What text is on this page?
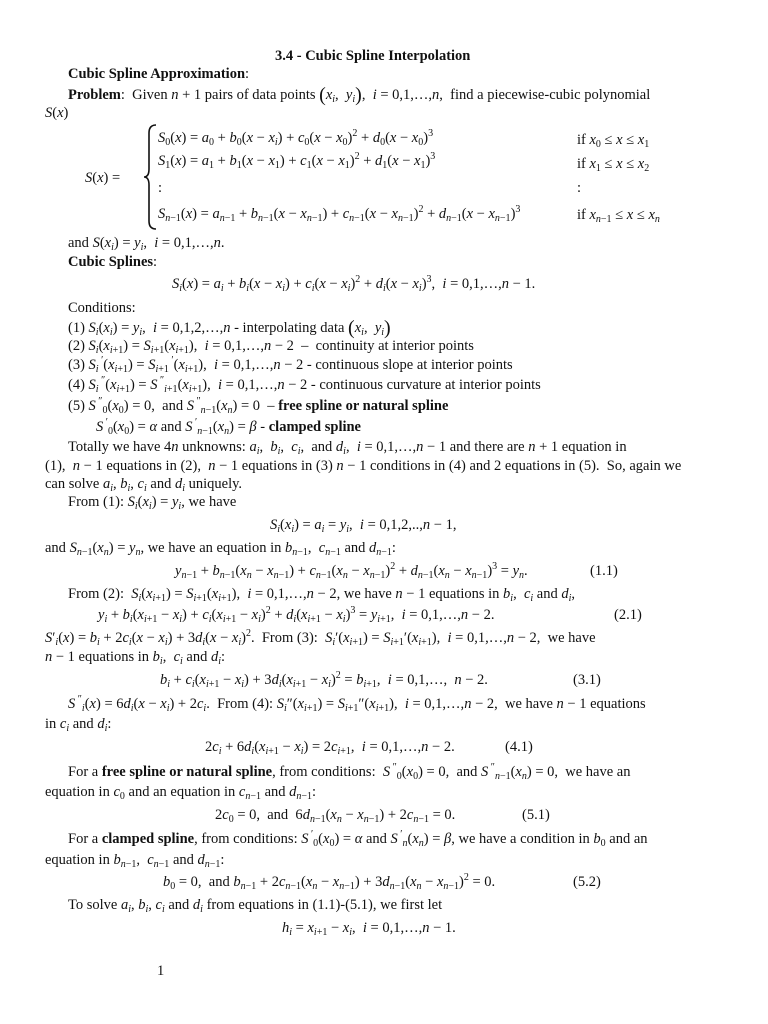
3.4 - Cubic Spline Interpolation
Cubic Spline Approximation:
Problem:  Given n + 1 pairs of data points ($x_i$,  $y_i$),  i = 0,1,…,n,  find a piecewise-cubic polynomial
S(x)
S(x) =
$S_0(x) = a_0 + b_0(x - x_i) + c_0(x - x_0)^2 + d_0(x - x_0)^3$	if $x_0 \le x \le x_1$
$S_1(x) = a_1 + b_1(x - x_1) + c_1(x - x_1)^2 + d_1(x - x_1)^3$	if $x_1 \le x \le x_2$
:	:
$S_{n-1}(x) = a_{n-1} + b_{n-1}(x - x_{n-1}) + c_{n-1}(x - x_{n-1})^2 + d_{n-1}(x - x_{n-1})^3$	if $x_{n-1} \le x \le x_n$
and $S(x_i) = y_i$,  i = 0,1,…,n.
Cubic Splines:
$S_i(x) = a_i + b_i(x - x_i) + c_i(x - x_i)^2 + d_i(x - x_i)^3$,  i = 0,1,…,n − 1.
Conditions:
(1) $S_i(x_i) = y_i$,  i = 0,1,2,…,n - interpolating data ($x_i$,  $y_i$)
(2) $S_i(x_{i+1}) = S_{i+1}(x_{i+1})$,  i = 0,1,…,n − 2  –  continuity at interior points
(3) $S_i$ $'(x_{i+1}) = S_{i+1}$ $'(x_{i+1})$,  i = 0,1,…,n − 2 - continuous slope at interior points
(4) $S_i$ $''(x_{i+1}) = S$ $''_{i+1}(x_{i+1})$,  i = 0,1,…,n − 2 - continuous curvature at interior points
(5) S $''_0(x_0) = 0$,  and S $''_{n-1}(x_n) = 0$  – free spline or natural spline
S $'_0(x_0) = \alpha$ and S $'_{n-1}(x_n) = \beta$ - clamped spline
Totally we have 4n unknowns: $a_i$,  $b_i$,  $c_i$,  and $d_i$,  i = 0,1,…,n − 1 and there are n + 1 equation in
(1),  n − 1 equations in (2),  n − 1 equations in (3) n − 1 conditions in (4) and 2 equations in (5).  So, again we
can solve $a_i$, $b_i$, $c_i$ and $d_i$ uniquely.
From (1): $S_i(x_i) = y_i$, we have
$S_i(x_i) = a_i = y_i$,  i = 0,1,2,..,n − 1,
and $S_{n-1}(x_n) = y_n$, we have an equation in $b_{n-1}$,  $c_{n-1}$ and $d_{n-1}$:
$y_{n-1} + b_{n-1}(x_n - x_{n-1}) + c_{n-1}(x_n - x_{n-1})^2 + d_{n-1}(x_n - x_{n-1})^3 = y_n$.	(1.1)
From (2):  $S_i(x_{i+1}) = S_{i+1}(x_{i+1})$,  i = 0,1,…,n − 2, we have n − 1 equations in $b_i$,  $c_i$ and $d_i$,
$y_i + b_i(x_{i+1} - x_i) + c_i(x_{i+1} - x_i)^2 + d_i(x_{i+1} - x_i)^3 = y_{i+1}$,  i = 0,1,…,n − 2.	(2.1)
$S'_i(x) = b_i + 2c_i(x - x_i) + 3d_i(x - x_i)^2$.  From (3):  $S_i'(x_{i+1}) = S_{i+1}'(x_{i+1})$,  i = 0,1,…,n − 2,  we have
n − 1 equations in $b_i$,  $c_i$ and $d_i$:
$b_i + c_i(x_{i+1} - x_i) + 3d_i(x_{i+1} - x_i)^2 = b_{i+1}$,  i = 0,1,…,  n − 2.	(3.1)
S $''_i(x) = 6d_i(x - x_i) + 2c_i$.  From (4): $S_i''(x_{i+1}) = S_{i+1}''(x_{i+1})$,  i = 0,1,…,n − 2,  we have n − 1 equations
in $c_i$ and $d_i$:
$2c_i + 6d_i(x_{i+1} - x_i) = 2c_{i+1}$,  i = 0,1,…,n − 2.	(4.1)
For a free spline or natural spline, from conditions:  S $''_0(x_0) = 0$,  and S $''_{n-1}(x_n) = 0$,  we have an
equation in $c_0$ and an equation in $c_{n-1}$ and $d_{n-1}$:
$2c_0 = 0$,  and  $6d_{n-1}(x_n - x_{n-1}) + 2c_{n-1} = 0$.	(5.1)
For a clamped spline, from conditions: S $'_0(x_0) = \alpha$ and S $'_n(x_n) = \beta$, we have a condition in $b_0$ and an
equation in $b_{n-1}$,  $c_{n-1}$ and $d_{n-1}$:
$b_0 = 0$,  and $b_{n-1} + 2c_{n-1}(x_n - x_{n-1}) + 3d_{n-1}(x_n - x_{n-1})^2 = 0$.	(5.2)
To solve $a_i$, $b_i$, $c_i$ and $d_i$ from equations in (1.1)-(5.1), we first let
$h_i = x_{i+1} - x_i$,  i = 0,1,…,n − 1.
1
